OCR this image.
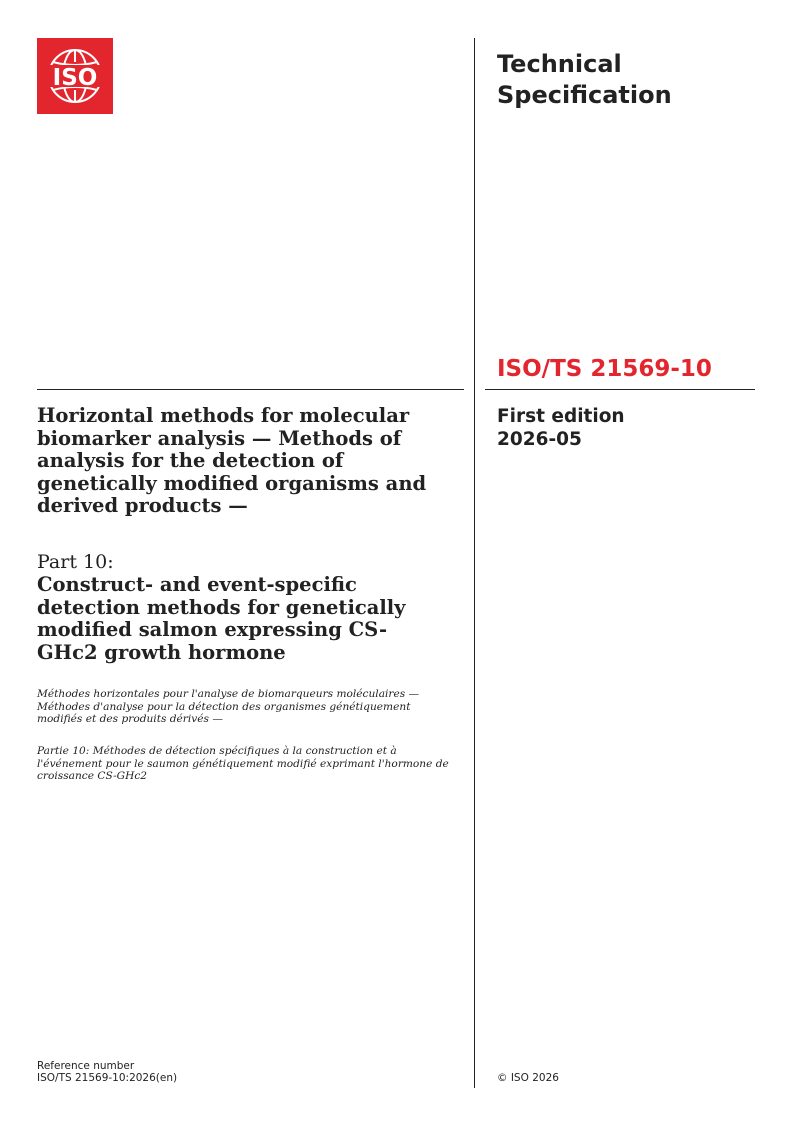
ISO	Technical Specification
ISO/TS 21569-10
First edition
2026-05
Horizontal methods for molecular biomarker analysis — Methods of analysis for the detection of genetically modified organisms and derived products —
Part 10:
Construct- and event-specific detection methods for genetically modified salmon expressing CS-GHc2 growth hormone
Méthodes horizontales pour l'analyse de biomarqueurs moléculaires — Méthodes d'analyse pour la détection des organismes génétiquement modifiés et des produits dérivés —
Partie 10: Méthodes de détection spécifiques à la construction et à l'événement pour le saumon génétiquement modifié exprimant l'hormone de croissance CS-GHc2
Reference number
ISO/TS 21569-10:2026(en)	© ISO 2026
